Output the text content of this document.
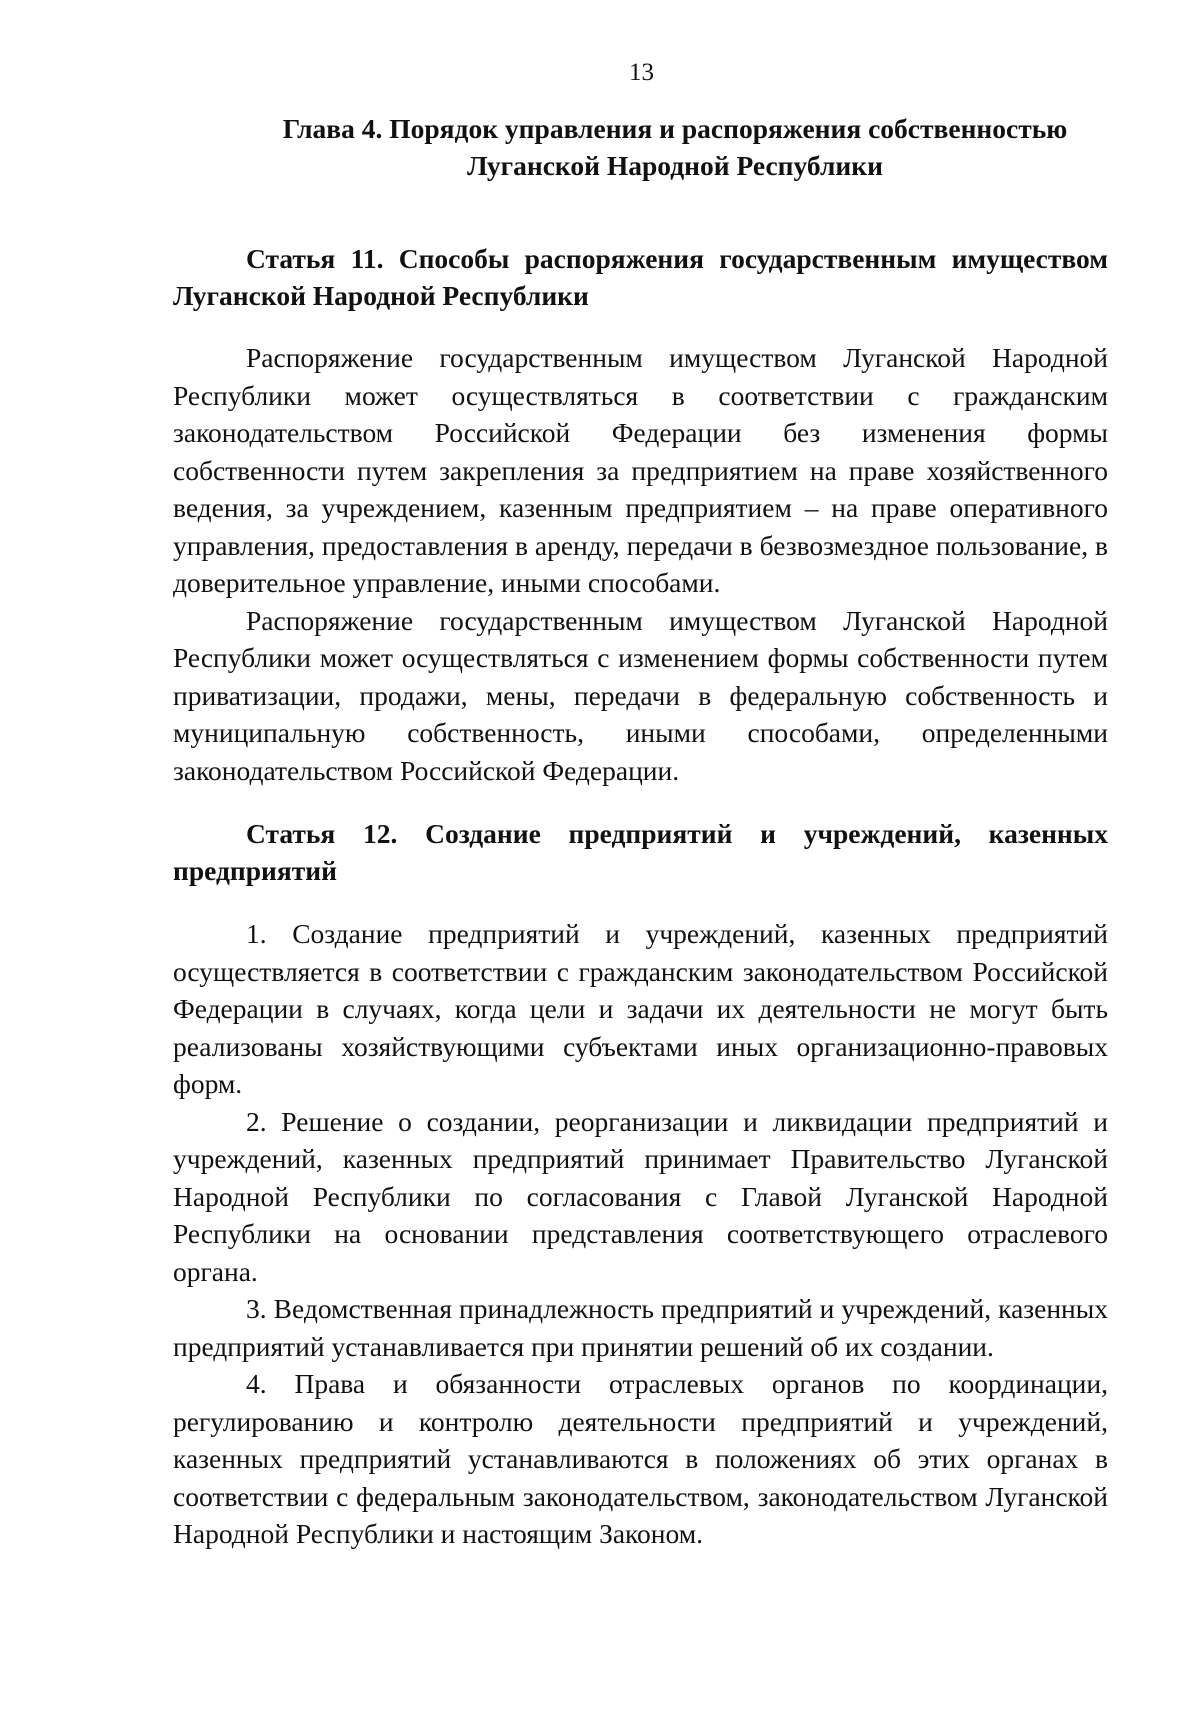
13
Глава 4. Порядок управления и распоряжения собственностью
Луганской Народной Республики

Статья 11. Способы распоряжения государственным имуществом Луганской Народной Республики

Распоряжение государственным имуществом Луганской Народной Республики может осуществляться в соответствии с гражданским законодательством Российской Федерации без изменения формы собственности путем закрепления за предприятием на праве хозяйственного ведения, за учреждением, казенным предприятием – на праве оперативного управления, предоставления в аренду, передачи в безвозмездное пользование, в доверительное управление, иными способами.

Распоряжение государственным имуществом Луганской Народной Республики может осуществляться с изменением формы собственности путем приватизации, продажи, мены, передачи в федеральную собственность и муниципальную собственность, иными способами, определенными законодательством Российской Федерации.

Статья 12. Создание предприятий и учреждений, казенных предприятий

1. Создание предприятий и учреждений, казенных предприятий осуществляется в соответствии с гражданским законодательством Российской Федерации в случаях, когда цели и задачи их деятельности не могут быть реализованы хозяйствующими субъектами иных организационно-правовых форм.

2. Решение о создании, реорганизации и ликвидации предприятий и учреждений, казенных предприятий принимает Правительство Луганской Народной Республики по согласования с Главой Луганской Народной Республики на основании представления соответствующего отраслевого органа.

3. Ведомственная принадлежность предприятий и учреждений, казенных предприятий устанавливается при принятии решений об их создании.

4. Права и обязанности отраслевых органов по координации, регулированию и контролю деятельности предприятий и учреждений, казенных предприятий устанавливаются в положениях об этих органах в соответствии с федеральным законодательством, законодательством Луганской Народной Республики и настоящим Законом.
